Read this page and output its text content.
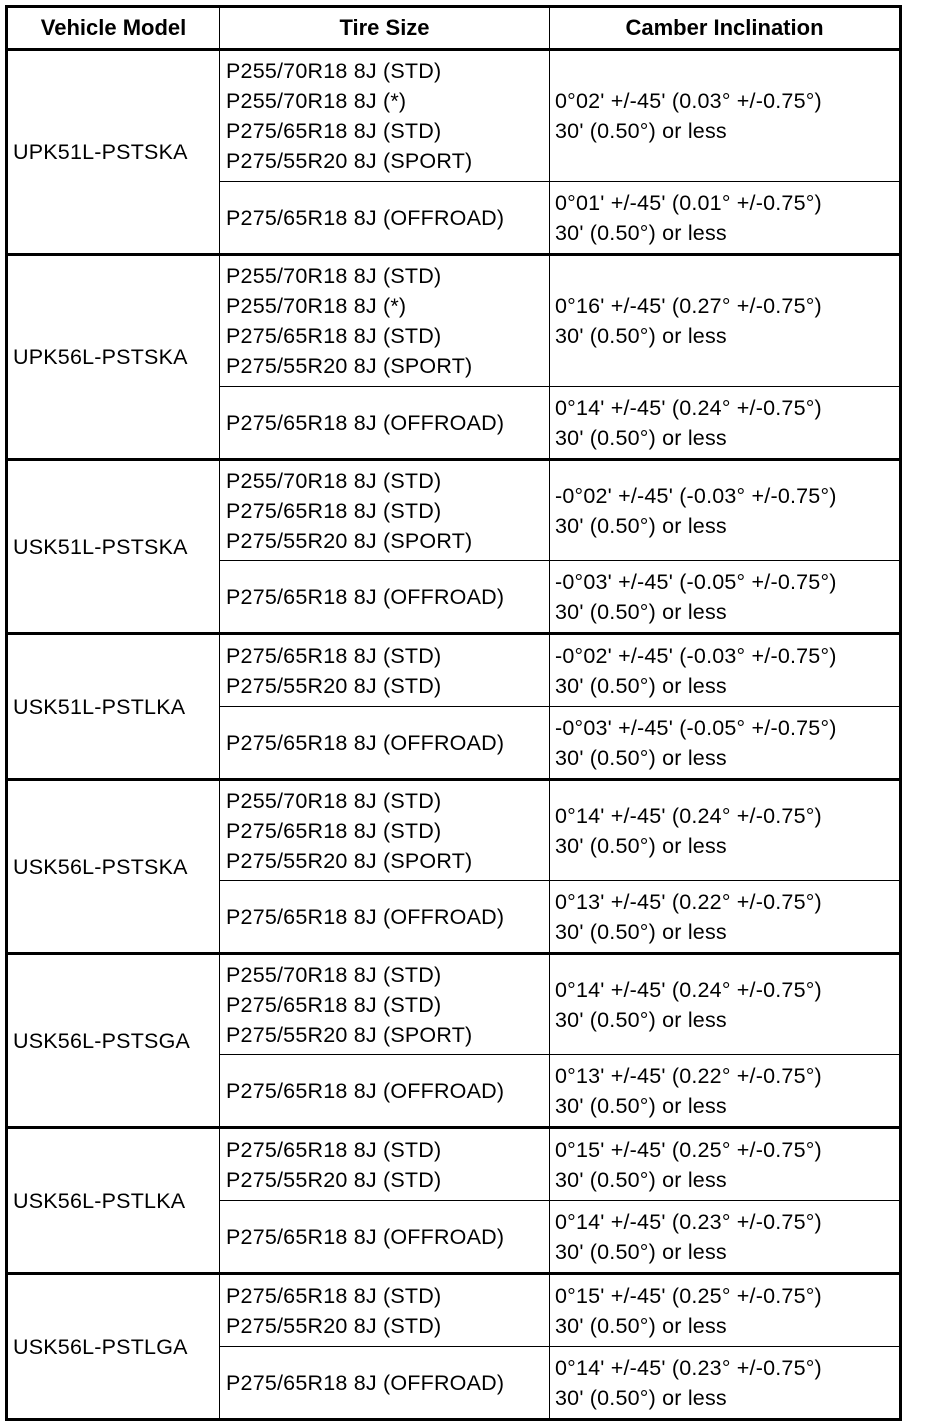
Vehicle Model	Tire Size	Camber Inclination
UPK51L-PSTSKA	P255/70R18 8J (STD)
P255/70R18 8J (*)
P275/65R18 8J (STD)
P275/55R20 8J (SPORT)	0°02' +/-45' (0.03° +/-0.75°)
30' (0.50°) or less

	P275/65R18 8J (OFFROAD)	0°01' +/-45' (0.01° +/-0.75°)
30' (0.50°) or less

UPK56L-PSTSKA	P255/70R18 8J (STD)
P255/70R18 8J (*)
P275/65R18 8J (STD)
P275/55R20 8J (SPORT)	0°16' +/-45' (0.27° +/-0.75°)
30' (0.50°) or less

	P275/65R18 8J (OFFROAD)	0°14' +/-45' (0.24° +/-0.75°)
30' (0.50°) or less

USK51L-PSTSKA	P255/70R18 8J (STD)
P275/65R18 8J (STD)
P275/55R20 8J (SPORT)	-0°02' +/-45' (-0.03° +/-0.75°)
30' (0.50°) or less

	P275/65R18 8J (OFFROAD)	-0°03' +/-45' (-0.05° +/-0.75°)
30' (0.50°) or less

USK51L-PSTLKA	P275/65R18 8J (STD)
P275/55R20 8J (STD)	-0°02' +/-45' (-0.03° +/-0.75°)
30' (0.50°) or less

	P275/65R18 8J (OFFROAD)	-0°03' +/-45' (-0.05° +/-0.75°)
30' (0.50°) or less

USK56L-PSTSKA	P255/70R18 8J (STD)
P275/65R18 8J (STD)
P275/55R20 8J (SPORT)	0°14' +/-45' (0.24° +/-0.75°)
30' (0.50°) or less

	P275/65R18 8J (OFFROAD)	0°13' +/-45' (0.22° +/-0.75°)
30' (0.50°) or less

USK56L-PSTSGA	P255/70R18 8J (STD)
P275/65R18 8J (STD)
P275/55R20 8J (SPORT)	0°14' +/-45' (0.24° +/-0.75°)
30' (0.50°) or less

	P275/65R18 8J (OFFROAD)	0°13' +/-45' (0.22° +/-0.75°)
30' (0.50°) or less

USK56L-PSTLKA	P275/65R18 8J (STD)
P275/55R20 8J (STD)	0°15' +/-45' (0.25° +/-0.75°)
30' (0.50°) or less

	P275/65R18 8J (OFFROAD)	0°14' +/-45' (0.23° +/-0.75°)
30' (0.50°) or less

USK56L-PSTLGA	P275/65R18 8J (STD)
P275/55R20 8J (STD)	0°15' +/-45' (0.25° +/-0.75°)
30' (0.50°) or less

	P275/65R18 8J (OFFROAD)	0°14' +/-45' (0.23° +/-0.75°)
30' (0.50°) or less
